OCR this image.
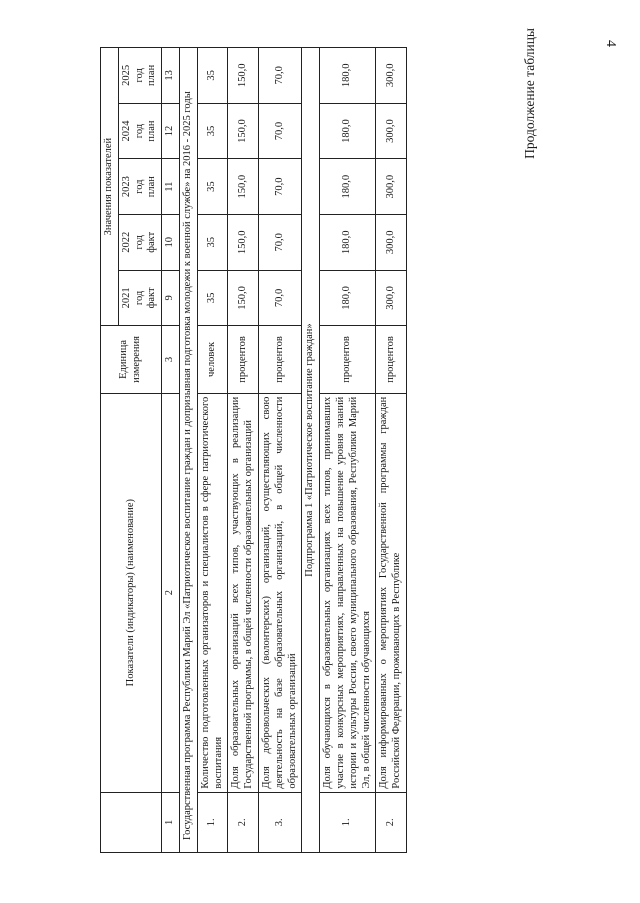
4
Продолжение таблицы
	Показатели (индикаторы) (наименование)	Единица измерения	Значения показателей				
			2021 год факт	2022 год факт	2023 год план	2024 год план	2025 год план
1	2	3	9	10	11	12	13
Государственная программа Республики Марий Эл «Патриотическое воспитание граждан и допризывная подготовка молодежи к военной службе» на 2016 - 2025 годы							
1.	Количество подготовленных организаторов и специалистов в сфере патриотического воспитания	человек	35	35	35	35	35
2.	Доля образовательных организаций всех типов, участвующих в реализации Государственной программы, в общей численности образовательных организаций	процентов	150,0	150,0	150,0	150,0	150,0
3.	Доля добровольческих (волонтерских) организаций, осуществляющих свою деятельность на базе образовательных организаций, в общей численности образовательных организаций	процентов	70,0	70,0	70,0	70,0	70,0
Подпрограмма 1 «Патриотическое воспитание граждан»							
1.	Доля обучающихся в образовательных организациях всех типов, принимавших участие в конкурсных мероприятиях, направленных на повышение уровня знаний истории и культуры России, своего муниципального образования, Республики Марий Эл, в общей численности обучающихся	процентов	180,0	180,0	180,0	180,0	180,0
2.	Доля информированных о мероприятиях Государственной программы граждан Российской Федерации, проживающих в Республике	процентов	300,0	300,0	300,0	300,0	300,0
